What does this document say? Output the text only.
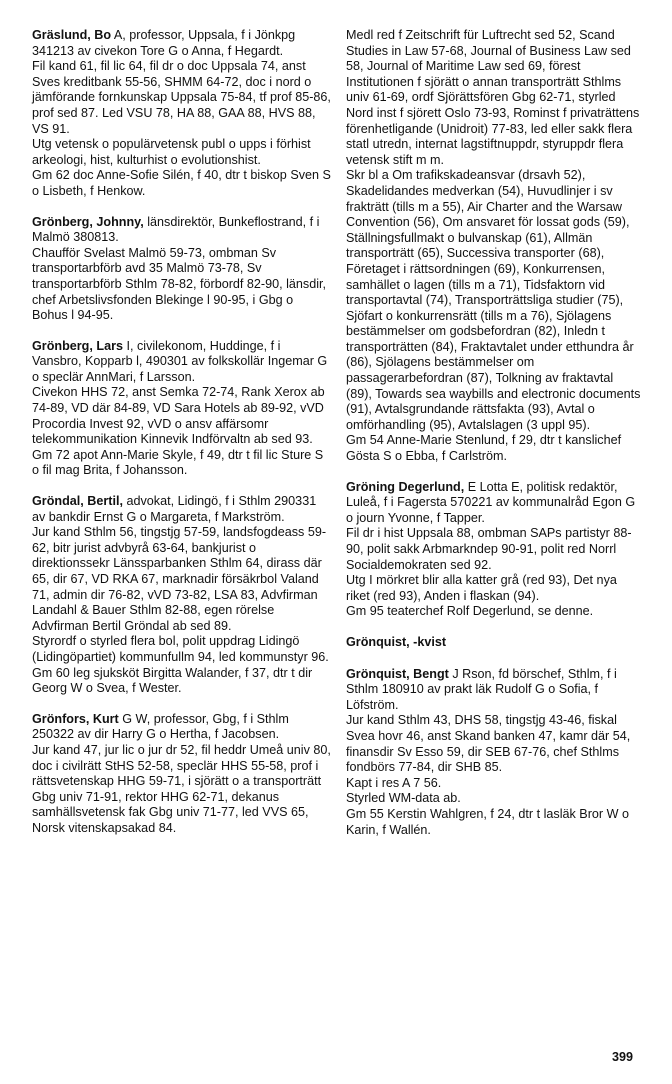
Gräslund, Bo A, professor, Uppsala, f i Jönkpg 341213 av civekon Tore G o Anna, f Hegardt.

Fil kand 61, fil lic 64, fil dr o doc Uppsala 74, anst Sves kreditbank 55-56, SHMM 64-72, doc i nord o jämförande fornkunskap Uppsala 75-84, tf prof 85-86, prof sed 87. Led VSU 78, HA 88, GAA 88, HVS 88, VS 91.

Utg vetensk o populärvetensk publ o upps i förhist arkeologi, hist, kulturhist o evolutionshist.

Gm 62 doc Anne-Sofie Silén, f 40, dtr t biskop Sven S o Lisbeth, f Henkow.

Grönberg, Johnny, länsdirektör, Bunkeflostrand, f i Malmö 380813.

Chaufför Svelast Malmö 59-73, ombman Sv transportarbförb avd 35 Malmö 73-78, Sv transportarbförb Sthlm 78-82, förbordf 82-90, länsdir, chef Arbetslivsfonden Blekinge l 90-95, i Gbg o Bohus l 94-95.

Grönberg, Lars I, civilekonom, Huddinge, f i Vansbro, Kopparb l, 490301 av folkskollär Ingemar G o speclär AnnMari, f Larsson.

Civekon HHS 72, anst Semka 72-74, Rank Xerox ab 74-89, VD där 84-89, VD Sara Hotels ab 89-92, vVD Procordia Invest 92, vVD o ansv affärsomr telekommunikation Kinnevik Indförvaltn ab sed 93.

Gm 72 apot Ann-Marie Skyle, f 49, dtr t fil lic Sture S o fil mag Brita, f Johansson.

Gröndal, Bertil, advokat, Lidingö, f i Sthlm 290331 av bankdir Ernst G o Margareta, f Markström.

Jur kand Sthlm 56, tingstjg 57-59, landsfogdeass 59-62, bitr jurist advbyrå 63-64, bankjurist o direktionssekr Länssparbanken Sthlm 64, dirass där 65, dir 67, VD RKA 67, marknadir försäkrbol Valand 71, admin dir 76-82, vVD 73-82, LSA 83, Advfirman Landahl & Bauer Sthlm 82-88, egen rörelse Advfirman Bertil Gröndal ab sed 89.

Styrordf o styrled flera bol, polit uppdrag Lidingö (Lidingöpartiet) kommunfullm 94, led kommunstyr 96.

Gm 60 leg sjuksköt Birgitta Walander, f 37, dtr t dir Georg W o Svea, f Wester.

Grönfors, Kurt G W, professor, Gbg, f i Sthlm 250322 av dir Harry G o Hertha, f Jacobsen.

Jur kand 47, jur lic o jur dr 52, fil heddr Umeå univ 80, doc i civilrätt StHS 52-58, speclär HHS 55-58, prof i rättsvetenskap HHG 59-71, i sjörätt o a transporträtt Gbg univ 71-91, rektor HHG 62-71, dekanus samhällsvetensk fak Gbg univ 71-77, led VVS 65, Norsk vitenskapsakad 84.

Medl red f Zeitschrift für Luftrecht sed 52, Scand Studies in Law 57-68, Journal of Business Law sed 58, Journal of Maritime Law sed 69, förest Institutionen f sjörätt o annan transporträtt Sthlms univ 61-69, ordf Sjörättsfören Gbg 62-71, styrled Nord inst f sjörett Oslo 73-93, Rominst f privaträttens förenhetligande (Unidroit) 77-83, led eller sakk flera statl utredn, internat lagstiftnuppdr, styruppdr flera vetensk stift m m.

Skr bl a Om trafikskadeansvar (drsavh 52), Skadelidandes medverkan (54), Huvudlinjer i sv frakträtt (tills m a 55), Air Charter and the Warsaw Convention (56), Om ansvaret för lossat gods (59), Ställningsfullmakt o bulvanskap (61), Allmän transporträtt (65), Successiva transporter (68), Företaget i rättsordningen (69), Konkurrensen, samhället o lagen (tills m a 71), Tidsfaktorn vid transportavtal (74), Transporträttsliga studier (75), Sjöfart o konkurrensrätt (tills m a 76), Sjölagens bestämmelser om godsbefordran (82), Inledn t transporträtten (84), Fraktavtalet under etthundra år (86), Sjölagens bestämmelser om passagerarbefordran (87), Tolkning av fraktavtal (89), Towards sea waybills and electronic documents (91), Avtalsgrundande rättsfakta (93), Avtal o omförhandling (95), Avtalslagen (3 uppl 95).

Gm 54 Anne-Marie Stenlund, f 29, dtr t kanslichef Gösta S o Ebba, f Carlström.

Gröning Degerlund, E Lotta E, politisk redaktör, Luleå, f i Fagersta 570221 av kommunalråd Egon G o journ Yvonne, f Tapper.

Fil dr i hist Uppsala 88, ombman SAPs partistyr 88-90, polit sakk Arbmarkndep 90-91, polit red Norrl Socialdemokraten sed 92.

Utg I mörkret blir alla katter grå (red 93), Det nya riket (red 93), Anden i flaskan (94).

Gm 95 teaterchef Rolf Degerlund, se denne.

Grönquist, -kvist

Grönquist, Bengt J Rson, fd börschef, Sthlm, f i Sthlm 180910 av prakt läk Rudolf G o Sofia, f Löfström.

Jur kand Sthlm 43, DHS 58, tingstjg 43-46, fiskal Svea hovr 46, anst Skand banken 47, kamr där 54, finansdir Sv Esso 59, dir SEB 67-76, chef Sthlms fondbörs 77-84, dir SHB 85.

Kapt i res A 7 56.

Styrled WM-data ab.

Gm 55 Kerstin Wahlgren, f 24, dtr t lasläk Bror W o Karin, f Wallén.

399
